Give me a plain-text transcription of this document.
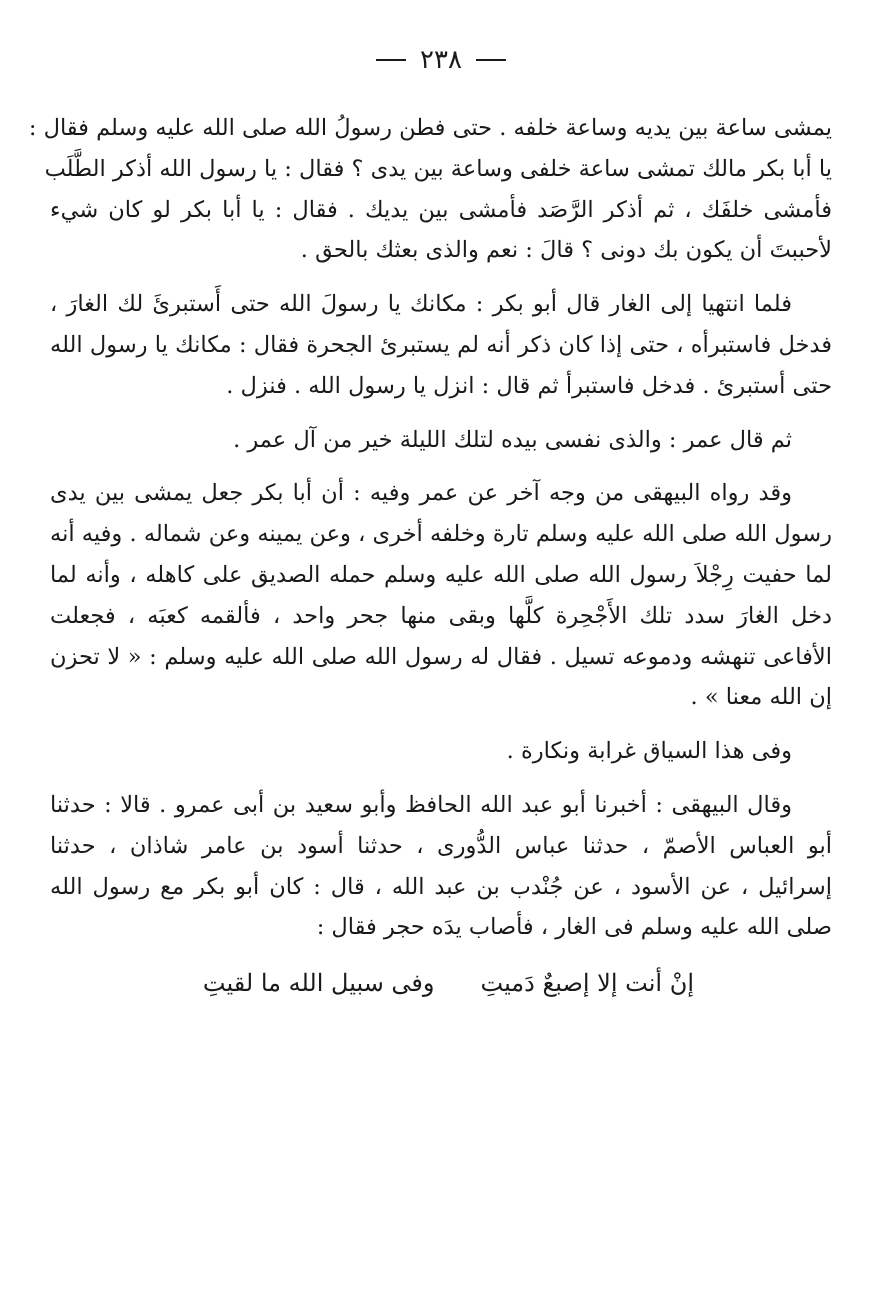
٢٣٨
يمشى ساعة بين يديه وساعة خلفه . حتى فطن رسولُ الله صلى الله عليه وسلم فقال :
يا أبا بكر مالك تمشى ساعة خلفى وساعة بين يدى ؟ فقال : يا رسول الله أذكر الطَّلَب
فأمشى خلفَك ، ثم أذكر الرَّصَد فأمشى بين يديك . فقال : يا أبا بكر لو كان شيء
لأحببتَ أن يكون بك دونى ؟ قالَ : نعم والذى بعثك بالحق .
فلما انتهيا إلى الغار قال أبو بكر : مكانك يا رسولَ الله حتى أَستبرئَ لك الغارَ ،
فدخل فاستبرأه ، حتى إذا كان ذكر أنه لم يستبرئ الجحرة فقال : مكانك يا رسول الله
حتى أستبرئ . فدخل فاستبرأ ثم قال : انزل يا رسول الله . فنزل .
ثم قال عمر : والذى نفسى بيده لتلك الليلة خير من آل عمر .
وقد رواه البيهقى من وجه آخر عن عمر وفيه : أن أبا بكر جعل يمشى بين يدى
رسول الله صلى الله عليه وسلم تارة وخلفه أخرى ، وعن يمينه وعن شماله . وفيه أنه
لما حفيت رِجْلاَ رسول الله صلى الله عليه وسلم حمله الصديق على كاهله ، وأنه لما
دخل الغارَ سدد تلك الأَجْحِرة كلَّها وبقى منها جحر واحد ، فألقمه كعبَه ، فجعلت
الأفاعى تنهشه ودموعه تسيل . فقال له رسول الله صلى الله عليه وسلم : « لا تحزن
إن الله معنا » .
وفى هذا السياق غرابة ونكارة .
وقال البيهقى : أخبرنا أبو عبد الله الحافظ وأبو سعيد بن أبى عمرو . قالا : حدثنا
أبو العباس الأصمّ ، حدثنا عباس الدُّورى ، حدثنا أسود بن عامر شاذان ، حدثنا
إسرائيل ، عن الأسود ، عن جُنْدب بن عبد الله ، قال : كان أبو بكر مع رسول الله
صلى الله عليه وسلم فى الغار ، فأصاب يدَه حجر فقال :
إنْ أنت إلا إصبعٌ دَميتِ
وفى سبيل الله ما لقيتِ
